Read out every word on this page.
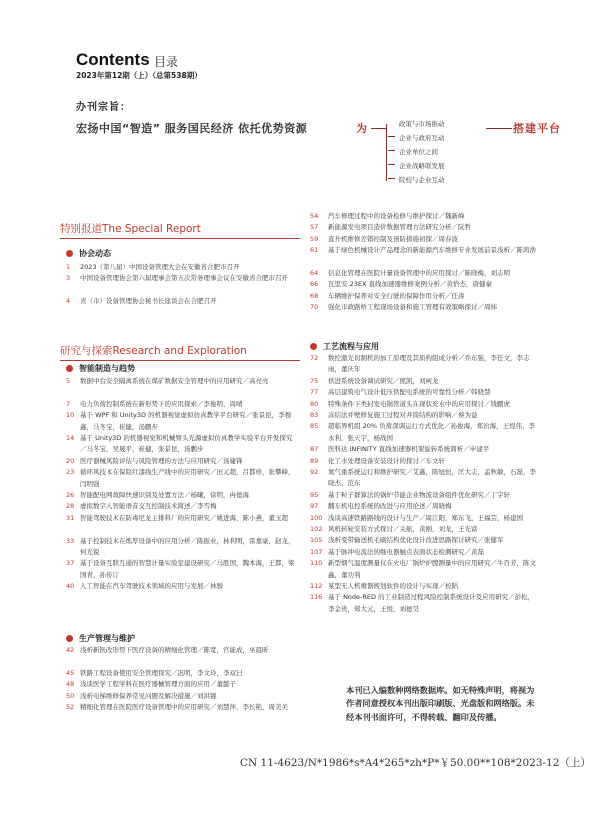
Contents 目录
2023年第12期（上）（总第538期）
办刊宗旨：
宏扬中国“智造” 服务国民经济 依托优势资源	为	搭建平台
政策与市场推动
企业与政府互动
企业单位之间
企业战略联发展
院校与企业互动
特别报道The Special Report
协会动态
1	2023（第八届）中国设备管理大会在安徽省合肥市召开
3	中国设备管理协会第六届理事会第五次常务理事会议在安徽省合肥市召开
4	省（市）设备管理协会秘书长座谈会在合肥召开
研究与探索Research and Exploration
智能制造与趋势
5	数据中台安全隔离系统在煤矿数据安全管理中的应用研究／高亮亮
7	电力负荷控制系统在新形势下的应用探索／李俊明，周晴
10 基于 WPF 和 Unity3D 的机器视觉虚拟仿真教学平台研究／张景昆，李穆鑫，马冬宝，崔健，汤鹏步
14 基于 Unity3D 的机器视觉和机械臂头光源虚拟仿真教学实验平台开发探究／马冬宝，吴晟平，崔健，张景昆，汤鹏步
20 医疗器械风险评估与风险管理的方法与应用研究／汤婕锋
23 循环风技术在保险红漆线生产线中的应用研究／田元超，吕都珍，张攀峰，闫明强
26 智能配电网故障快速识别及处置方法／杨曦，徐明，冉德海
28 虚拟数字人智能语音交互控制技术简述／李雪梅
31 智能驾驶技术在防毒尼龙主排料厂的应用研究／姚进海，陈小燕，董玉超
33 基于控制技术在炼厚设备中的应用分析／陈振业，林利明，雷嘉豪，赵龙，何光锐
37 基于设备互联互通的智慧计量实验室建设研究／马胜国，魏本海，王都，梁国青，孙传订
40 人工智能在汽车驾驶技术领域的应用与发展／林骏
生产管理与维护
42 浅析新医改形势下医疗设备的精细化管理／陈宽，官能成，巫晨昕
45 铁路工程设备使用安全管理探究／迟明，李文玲，李双曰
48 浅谈医学工程学科在医疗器械管理方面的应用／董懿子
50 浅析电梯维修保养常见问题及解决措施／刘洪锟
52 精细化管理在医院医疗设备管理中的应用研究／刘慧萍，李长艳，周美美
54	汽车修理过程中的设备检修与维护探讨／魏新峰
57	新能源发电项目造价数据管理方法研究分析／阮哲
59	直升机维修差错控制及预防措施初探／周春波
61	基于绿色机械设计产品理念的新能源汽车维修专业发展前景浅析／陈鸿浩
64	信息化管理在医院计量设备管理中的应用探讨／陈晓梅，刘志明
66	瓦里安 23EX 直线加速器维修案例分析／黄恰杰，唐健豪
68	车辆维护保养对安全行驶的保障作用分析／任涛
70	强化市政路桥工程现场设备和施工管理有效策略探讨／周炜
工艺流程与应用
72	数控激光切割机的加工原理及其质构组成分析／乔东强，李任文，李志雨，董庆年
75	供进系统设备调试研究／熊凯，刘柯龙
77	高层建筑电气设计低压供配电系统的可靠性分析／韩晓慧
80	特殊条件下类封发电锅管道头在现状充水中的应用探讨／钱鹏虎
83	冻结法并壁修复施工过程对井筒结构的影响／蔡为益
85	超临界机组 20% 负荷深调运行方式优化／孙俊海，郑治海，王煌伟，李永利，张天宇，杨战国
87	医科达 INFINITY 直线加速器机架旋转系统简析／申建平
89	化工水处理设备安装设计的探讨／车文轩
92	氮气重系统运行和维护研究／艾鑫，陈旭恒，匡大志，孟秋敏，石磊，李晓杰，范东
95	基于粒子群算法的锅炉节能企业物流设备组件优化研究／丁宇轩
97	翻车机电控系统的改进与应用论述／周晓梅
100 浅谈高速铁路路线的设计与生产／周江阳，郑东飞，王福芸，杨建国
102 风机转轮安装方式探讨／关航，黄刚，刘龙，王光富
105 浅析变带输送机毛刷结构优化设计改进思路探讨研究／张健军
107 基于脉冲电流法的继电器触点表面状态检测研究／黄磊
110 新型烟气温度测量仪在火电厂锅炉炉膛测量中的应用研究／牛百芳，陈文鑫，董功利
112 某型无人机喷器规划软件的设计与实现／校蹈
116 基于 Node-RED 的工业制造过程风险控制系统设计及应用研究／彭松，李金贵，郑大元，王悦，刘德昊
本刊已入编数种网络数据库。如无特殊声明，将视为作者同意授权本刊出版印刷版、光盘版和网络版。未经本刊书面许可，不得转载、翻印及传播。
CN 11-4623/N*1986*s*A4*265*zh*P*￥50.00**108*2023-12（上）
